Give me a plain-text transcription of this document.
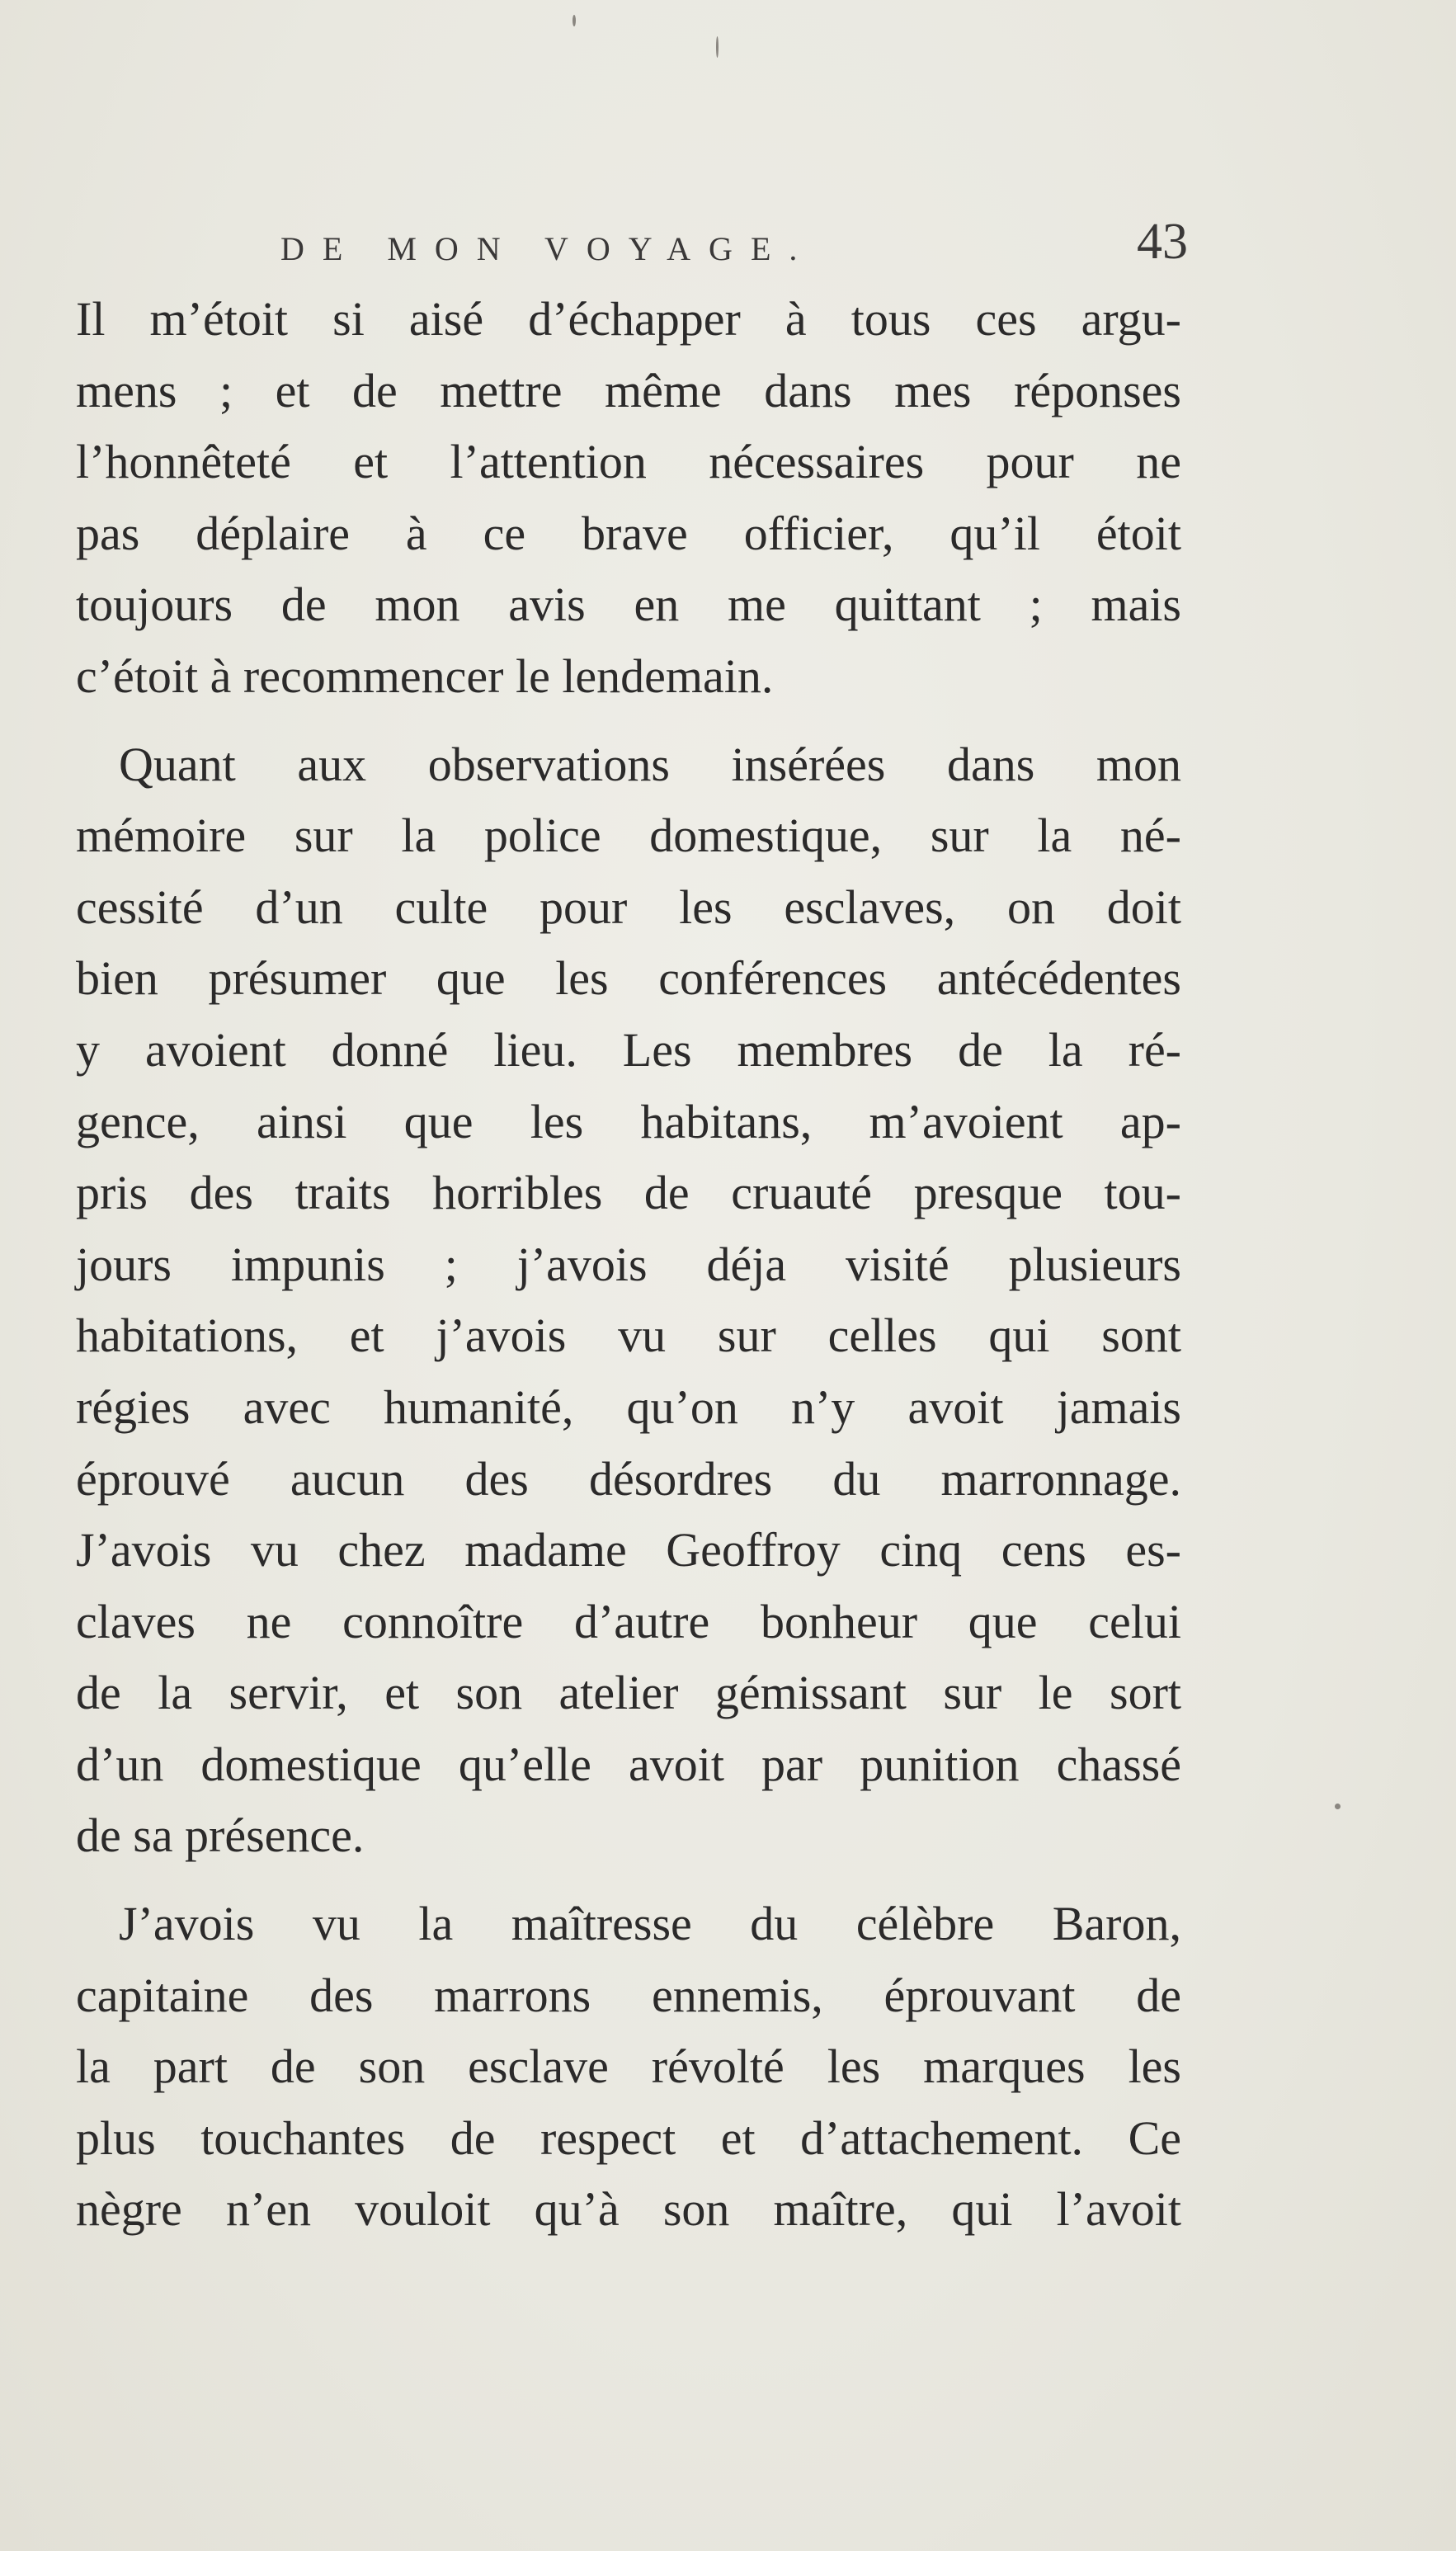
DE MON VOYAGE.	43

Il m’étoit si aisé d’échapper à tous ces argu-
mens ; et de mettre même dans mes réponses
l’honnêteté et l’attention nécessaires pour ne
pas déplaire à ce brave officier, qu’il étoit
toujours de mon avis en me quittant ; mais
c’étoit à recommencer le lendemain.

Quant aux observations insérées dans mon
mémoire sur la police domestique, sur la né-
cessité d’un culte pour les esclaves, on doit
bien présumer que les conférences antécédentes
y avoient donné lieu. Les membres de la ré-
gence, ainsi que les habitans, m’avoient ap-
pris des traits horribles de cruauté presque tou-
jours impunis ; j’avois déja visité plusieurs
habitations, et j’avois vu sur celles qui sont
régies avec humanité, qu’on n’y avoit jamais
éprouvé aucun des désordres du marronnage.
J’avois vu chez madame Geoffroy cinq cens es-
claves ne connoître d’autre bonheur que celui
de la servir, et son atelier gémissant sur le sort
d’un domestique qu’elle avoit par punition chassé
de sa présence.

J’avois vu la maîtresse du célèbre Baron,
capitaine des marrons ennemis, éprouvant de
la part de son esclave révolté les marques les
plus touchantes de respect et d’attachement. Ce
nègre n’en vouloit qu’à son maître, qui l’avoit
